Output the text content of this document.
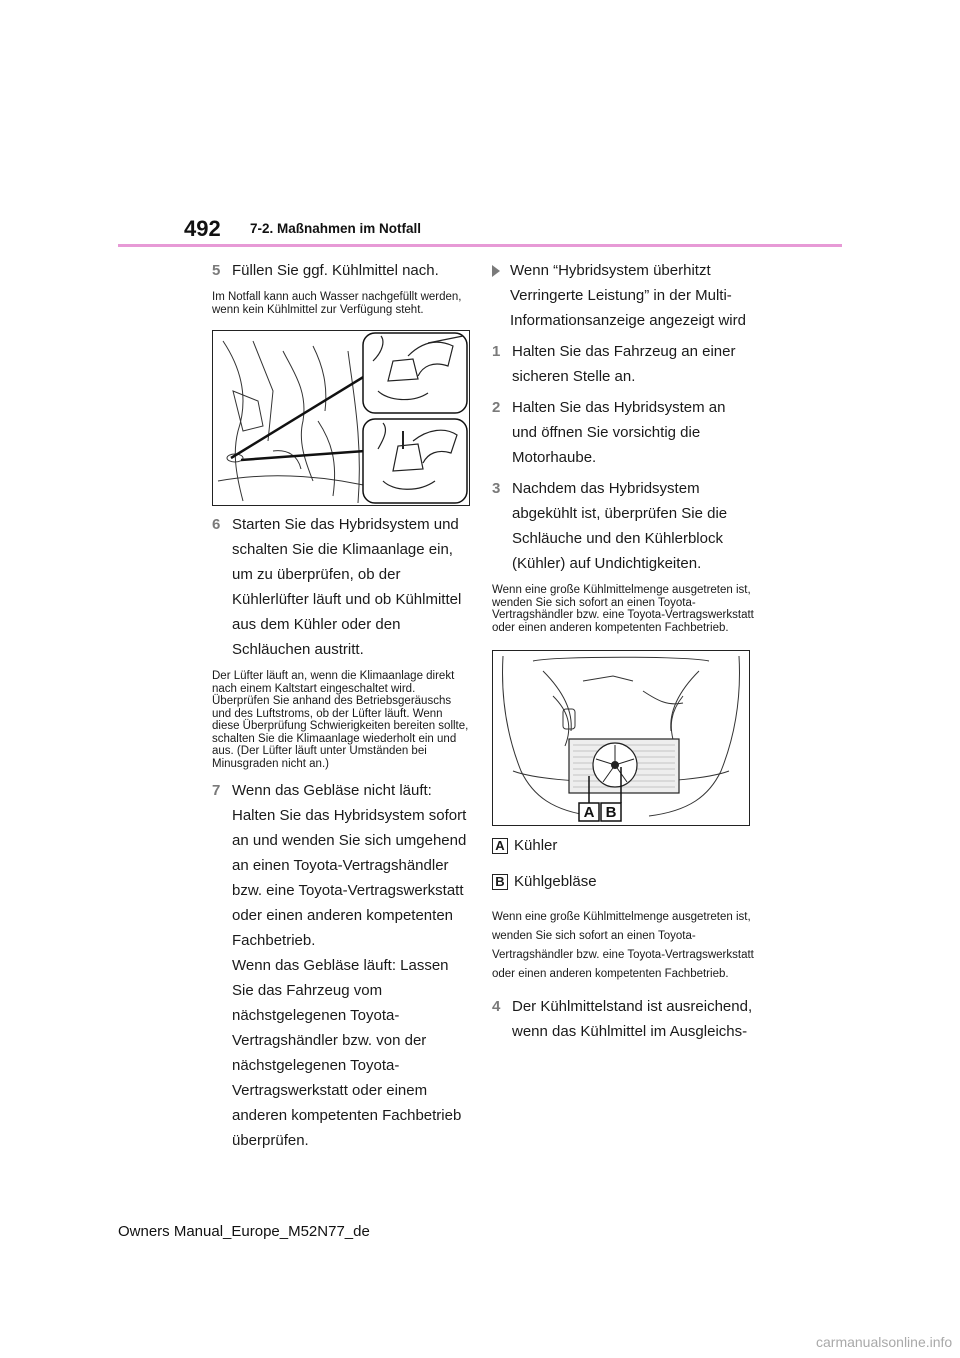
492 7-2. Maßnahmen im Notfall
5 Füllen Sie ggf. Kühlmittel nach.
Im Notfall kann auch Wasser nachgefüllt werden, wenn kein Kühlmittel zur Verfügung steht.
6 Starten Sie das Hybridsystem und schalten Sie die Klimaanlage ein, um zu überprüfen, ob der Kühlerlüfter läuft und ob Kühlmittel aus dem Kühler oder den Schläuchen austritt.
Der Lüfter läuft an, wenn die Klimaanlage direkt nach einem Kaltstart eingeschaltet wird. Überprüfen Sie anhand des Betriebsgeräuschs und des Luftstroms, ob der Lüfter läuft. Wenn diese Überprüfung Schwierigkeiten bereiten sollte, schalten Sie die Klimaanlage wiederholt ein und aus. (Der Lüfter läuft unter Umständen bei Minusgraden nicht an.)
7 Wenn das Gebläse nicht läuft: Halten Sie das Hybridsystem sofort an und wenden Sie sich umgehend an einen Toyota-Vertragshändler bzw. eine Toyota-Vertragswerkstatt oder einen anderen kompetenten Fachbetrieb.
Wenn das Gebläse läuft: Lassen Sie das Fahrzeug vom nächstgelegenen Toyota-Vertragshändler bzw. von der nächstgelegenen Toyota-Vertragswerkstatt oder einem anderen kompetenten Fachbetrieb überprüfen.
Wenn “Hybridsystem überhitzt Verringerte Leistung” in der Multi-Informationsanzeige angezeigt wird
1 Halten Sie das Fahrzeug an einer sicheren Stelle an.
2 Halten Sie das Hybridsystem an und öffnen Sie vorsichtig die Motorhaube.
3 Nachdem das Hybridsystem abgekühlt ist, überprüfen Sie die Schläuche und den Kühlerblock (Kühler) auf Undichtigkeiten.
Wenn eine große Kühlmittelmenge ausgetreten ist, wenden Sie sich sofort an einen Toyota-Vertragshändler bzw. eine Toyota-Vertragswerkstatt oder einen anderen kompetenten Fachbetrieb.
A B
A Kühler
B Kühlgebläse
Wenn eine große Kühlmittelmenge ausgetreten ist, wenden Sie sich sofort an einen Toyota-Vertragshändler bzw. eine Toyota-Vertragswerkstatt oder einen anderen kompetenten Fachbetrieb.
4 Der Kühlmittelstand ist ausreichend, wenn das Kühlmittel im Ausgleichs-
Owners Manual_Europe_M52N77_de
carmanualsonline.info
